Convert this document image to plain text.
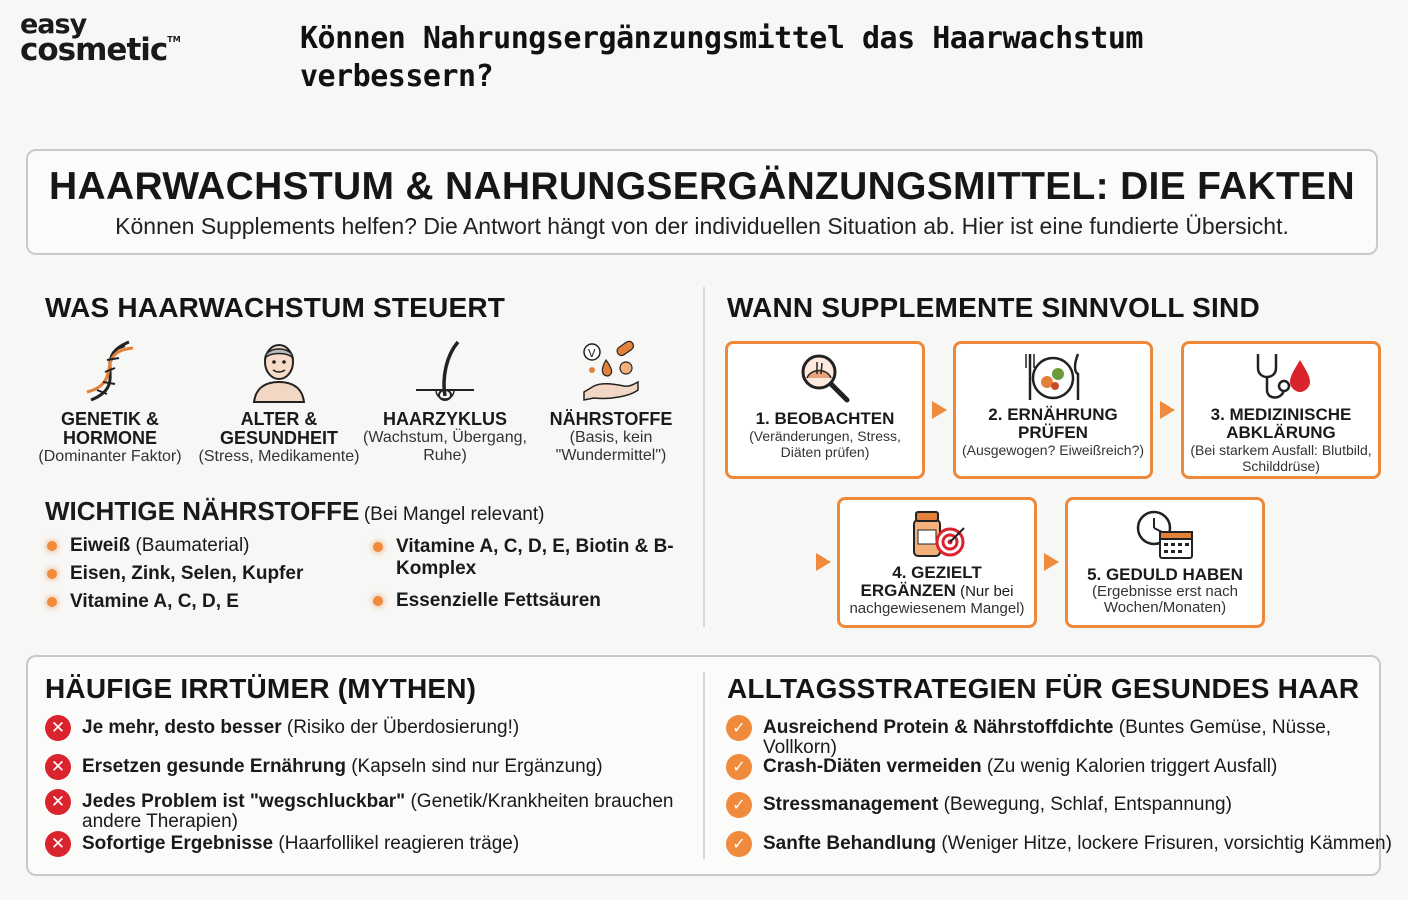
easy
cosmetic™	Können Nahrungsergänzungsmittel das Haarwachstum verbessern?
HAARWACHSTUM & NAHRUNGSERGÄNZUNGSMITTEL: DIE FAKTEN
Können Supplements helfen? Die Antwort hängt von der individuellen Situation ab. Hier ist eine fundierte Übersicht.
WAS HAARWACHSTUM STEUERT
GENETIK & HORMONE
(Dominanter Faktor)
ALTER & GESUNDHEIT
(Stress, Medikamente)
HAARZYKLUS
(Wachstum, Übergang, Ruhe)
V
NÄHRSTOFFE
(Basis, kein "Wundermittel")
WICHTIGE NÄHRSTOFFE (Bei Mangel relevant)
Eiweiß (Baumaterial)
Eisen, Zink, Selen, Kupfer
Vitamine A, C, D, E
Vitamine A, C, D, E, Biotin & B-Komplex
Essenzielle Fettsäuren
WANN SUPPLEMENTE SINNVOLL SIND
1. BEOBACHTEN
(Veränderungen, Stress, Diäten prüfen)
2. ERNÄHRUNG PRÜFEN
(Ausgewogen? Eiweißreich?)
3. MEDIZINISCHE ABKLÄRUNG
(Bei starkem Ausfall: Blutbild, Schilddrüse)
4. GEZIELT
ERGÄNZEN (Nur bei
nachgewiesenem Mangel)
5. GEDULD HABEN
(Ergebnisse erst nach Wochen/Monaten)
HÄUFIGE IRRTÜMER (MYTHEN)
✕ Je mehr, desto besser (Risiko der Überdosierung!)
✕ Ersetzen gesunde Ernährung (Kapseln sind nur Ergänzung)
✕ Jedes Problem ist "wegschluckbar" (Genetik/Krankheiten brauchen andere Therapien)
✕ Sofortige Ergebnisse (Haarfollikel reagieren träge)
ALLTAGSSTRATEGIEN FÜR GESUNDES HAAR
✓ Ausreichend Protein & Nährstoffdichte (Buntes Gemüse, Nüsse, Vollkorn)
✓ Crash-Diäten vermeiden (Zu wenig Kalorien triggert Ausfall)
✓ Stressmanagement (Bewegung, Schlaf, Entspannung)
✓ Sanfte Behandlung (Weniger Hitze, lockere Frisuren, vorsichtig Kämmen)
